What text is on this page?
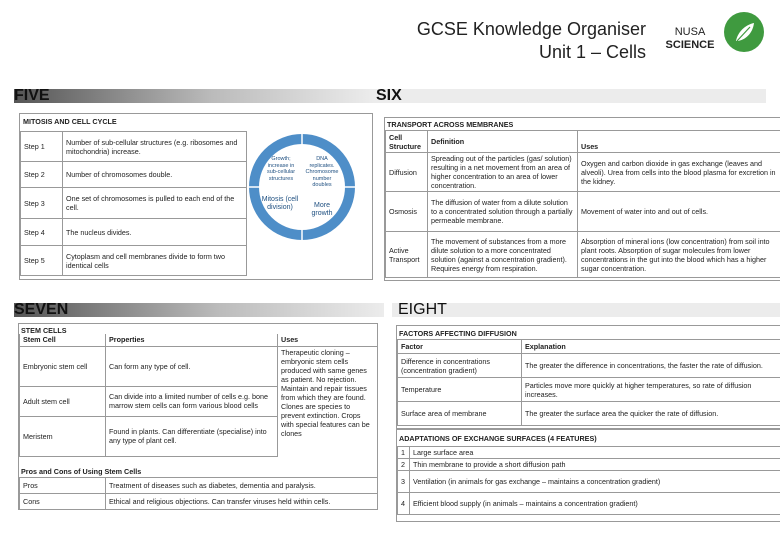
GCSE Knowledge Organiser
Unit 1 – Cells
NUSA
SCIENCE
FIVE	SIX
MITOSIS AND CELL CYCLE
Step 1	Number of sub-cellular structures (e.g. ribosomes and mitochondria) increase.
Step 2	Number of chromosomes double.
Step 3	One set of chromosomes is pulled to each end of the cell.
Step 4	The nucleus divides.
Step 5	Cytoplasm and cell membranes divide to form two identical cells
Growth; increase in sub-cellular structures
DNA replicates. Chromosome number doubles
Mitosis (cell division)	More growth
TRANSPORT ACROSS MEMBRANES
Cell Structure	Definition	Uses
Diffusion	Spreading out of the particles (gas/ solution) resulting in a net movement from an area of higher concentration to an area of lower concentration.	Oxygen and carbon dioxide in gas exchange (leaves and alveoli). Urea from cells into the blood plasma for excretion in the kidney.
Osmosis	The diffusion of water from a dilute solution to a concentrated solution through a partially permeable membrane.	Movement of water into and out of cells.
Active Transport	The movement of substances from a more dilute solution to a more concentrated solution (against a concentration gradient). Requires energy from respiration.	Absorption of mineral ions (low concentration) from soil into plant roots. Absorption of sugar molecules from lower concentrations in the gut into the blood which has a higher sugar concentration.
SEVEN	EIGHT
STEM CELLS
Stem Cell	Properties	Uses
Embryonic stem cell	Can form any type of cell.	Therapeutic cloning – embryonic stem cells produced with same genes as patient. No rejection. Maintain and repair tissues from which they are found. Clones are species to prevent extinction. Crops with special features can be clones
Adult stem cell	Can divide into a limited number of cells e.g. bone marrow stem cells can form various blood cells	
Meristem	Found in plants. Can differentiate (specialise) into any type of plant cell.	
Pros and Cons of Using Stem Cells
Pros	Treatment of diseases such as diabetes, dementia and paralysis.
Cons	Ethical and religious objections. Can transfer viruses held within cells.
FACTORS AFFECTING DIFFUSION
Factor	Explanation
Difference in concentrations (concentration gradient)	The greater the difference in concentrations, the faster the rate of diffusion.
Temperature	Particles move more quickly at higher temperatures, so rate of diffusion increases.
Surface area of membrane	The greater the surface area the quicker the rate of diffusion.
ADAPTATIONS OF EXCHANGE SURFACES (4 FEATURES)
1	Large surface area
2	Thin membrane to provide a short diffusion path
3	Ventilation (in animals for gas exchange – maintains a concentration gradient)
4	Efficient blood supply (in animals – maintains a concentration gradient)
